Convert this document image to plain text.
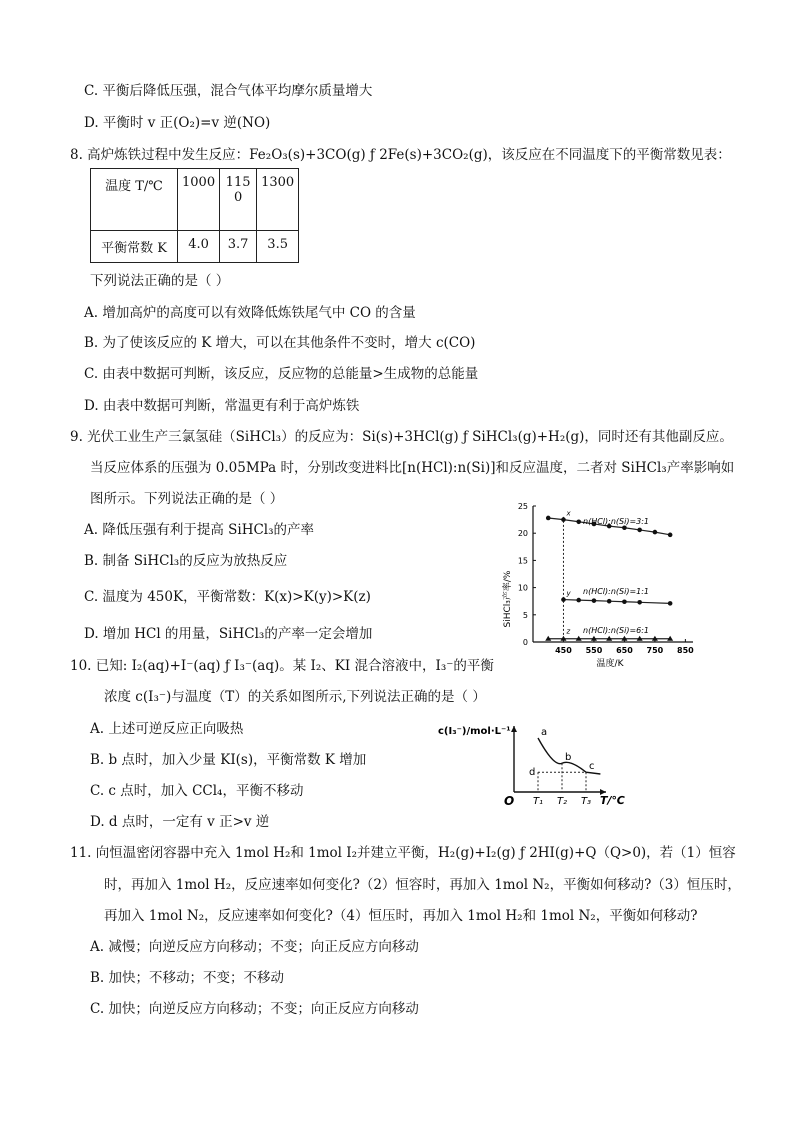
C. 平衡后降低压强，混合气体平均摩尔质量增大
D. 平衡时 v 正(O₂)=v 逆(NO)
8. 高炉炼铁过程中发生反应：Fe₂O₃(s)+3CO(g) ƒ 2Fe(s)+3CO₂(g)，该反应在不同温度下的平衡常数见表：
温度 T/℃	1000	1150	1300
平衡常数 K	4.0	3.7	3.5
下列说法正确的是（ ）
A. 增加高炉的高度可以有效降低炼铁尾气中 CO 的含量
B. 为了使该反应的 K 增大，可以在其他条件不变时，增大 c(CO)
C. 由表中数据可判断，该反应，反应物的总能量>生成物的总能量
D. 由表中数据可判断，常温更有利于高炉炼铁
9. 光伏工业生产三氯氢硅（SiHCl₃）的反应为：Si(s)+3HCl(g) ƒ SiHCl₃(g)+H₂(g)，同时还有其他副反应。
当反应体系的压强为 0.05MPa 时，分别改变进料比[n(HCl):n(Si)]和反应温度，二者对 SiHCl₃产率影响如
图所示。下列说法正确的是（ ）
A. 降低压强有利于提高 SiHCl₃的产率
B. 制备 SiHCl₃的反应为放热反应
C. 温度为 450K，平衡常数：K(x)>K(y)>K(z)
D. 增加 HCl 的用量，SiHCl₃的产率一定会增加
0
5
10
15
20
25
450 550 650 750 850
x
y
z
SiHCl₃产率/%
温度/K
n(HCl):n(Si)=3:1
n(HCl):n(Si)=1:1
n(HCl):n(Si)=6:1
10. 已知: I₂(aq)+I⁻(aq) ƒ I₃⁻(aq)。某 I₂、KI 混合溶液中，I₃⁻的平衡
浓度 c(I₃⁻)与温度（T）的关系如图所示,下列说法正确的是（ ）
A. 上述可逆反应正向吸热
B. b 点时，加入少量 KI(s)，平衡常数 K 增加
C. c 点时，加入 CCl₄，平衡不移动
D. d 点时，一定有 v 正>v 逆
T₁ T₂ T₃
a
b
c
d
c(I₃⁻)/mol·L⁻¹
T/℃
O
11. 向恒温密闭容器中充入 1mol H₂和 1mol I₂并建立平衡，H₂(g)+I₂(g) ƒ 2HI(g)+Q（Q>0)，若（1）恒容
时，再加入 1mol H₂，反应速率如何变化?（2）恒容时，再加入 1mol N₂，平衡如何移动?（3）恒压时，
再加入 1mol N₂，反应速率如何变化?（4）恒压时，再加入 1mol H₂和 1mol N₂，平衡如何移动?
A. 减慢；向逆反应方向移动；不变；向正反应方向移动
B. 加快；不移动；不变；不移动
C. 加快；向逆反应方向移动；不变；向正反应方向移动
